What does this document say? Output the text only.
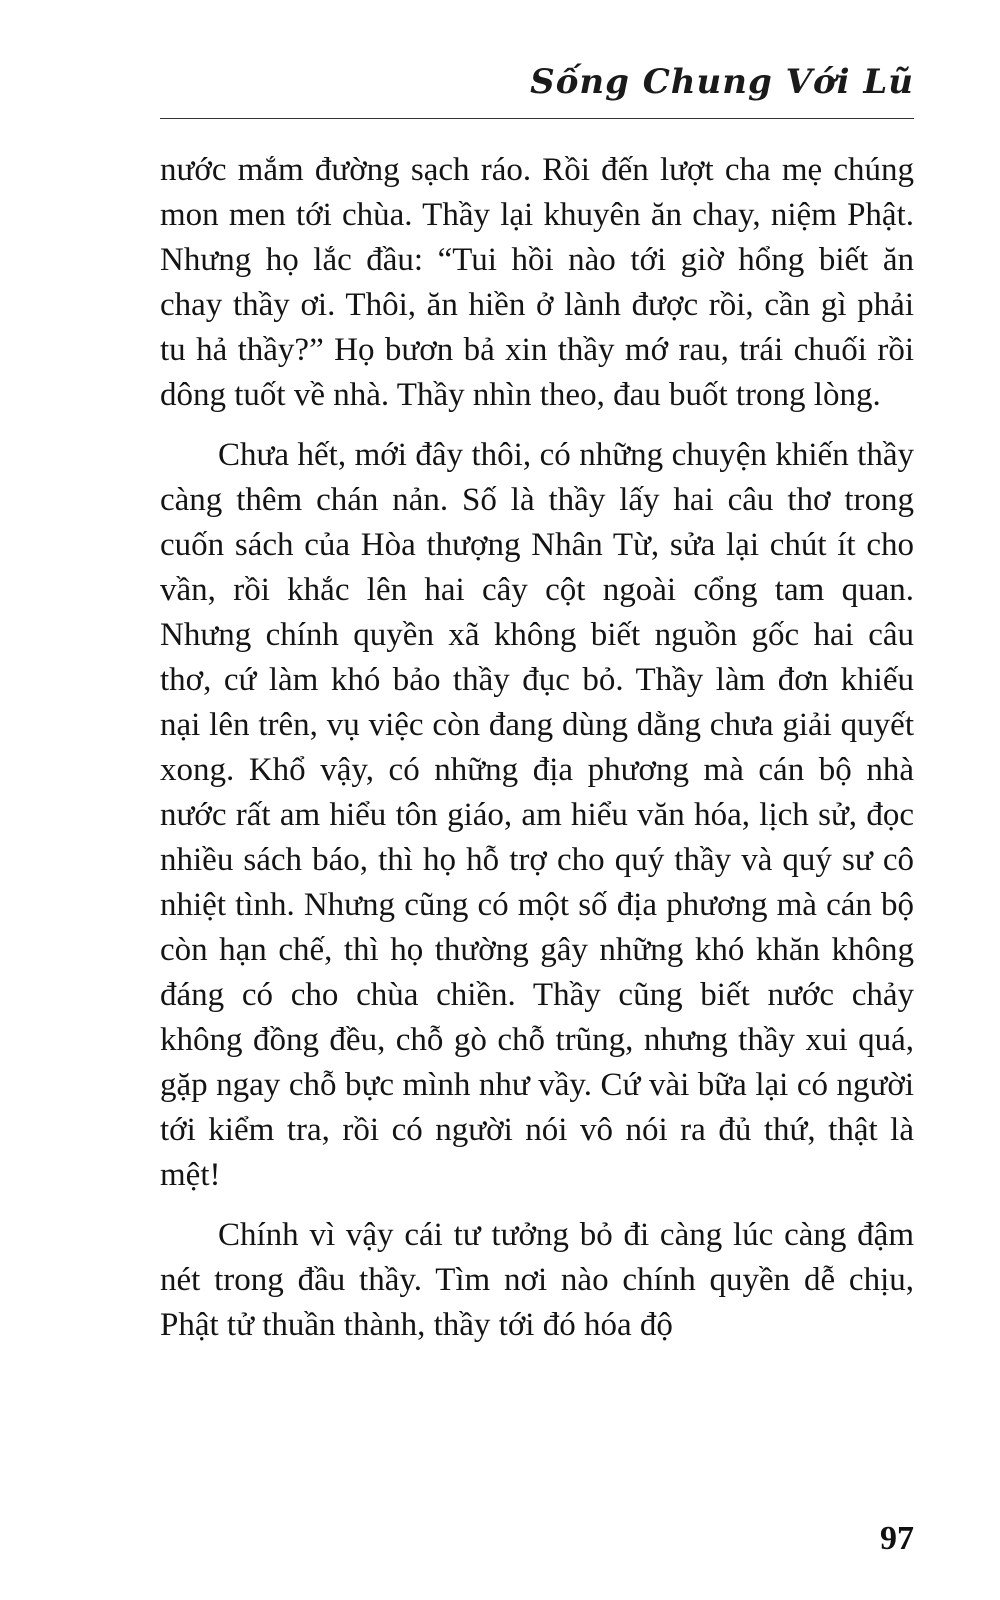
Sống Chung Với Lũ

nước mắm đường sạch ráo. Rồi đến lượt cha mẹ chúng mon men tới chùa. Thầy lại khuyên ăn chay, niệm Phật. Nhưng họ lắc đầu: “Tui hồi nào tới giờ hổng biết ăn chay thầy ơi. Thôi, ăn hiền ở lành được rồi, cần gì phải tu hả thầy?” Họ bươn bả xin thầy mớ rau, trái chuối rồi dông tuốt về nhà. Thầy nhìn theo, đau buốt trong lòng.

Chưa hết, mới đây thôi, có những chuyện khiến thầy càng thêm chán nản. Số là thầy lấy hai câu thơ trong cuốn sách của Hòa thượng Nhân Từ, sửa lại chút ít cho vần, rồi khắc lên hai cây cột ngoài cổng tam quan. Nhưng chính quyền xã không biết nguồn gốc hai câu thơ, cứ làm khó bảo thầy đục bỏ. Thầy làm đơn khiếu nại lên trên, vụ việc còn đang dùng dằng chưa giải quyết xong. Khổ vậy, có những địa phương mà cán bộ nhà nước rất am hiểu tôn giáo, am hiểu văn hóa, lịch sử, đọc nhiều sách báo, thì họ hỗ trợ cho quý thầy và quý sư cô nhiệt tình. Nhưng cũng có một số địa phương mà cán bộ còn hạn chế, thì họ thường gây những khó khăn không đáng có cho chùa chiền. Thầy cũng biết nước chảy không đồng đều, chỗ gò chỗ trũng, nhưng thầy xui quá, gặp ngay chỗ bực mình như vầy. Cứ vài bữa lại có người tới kiểm tra, rồi có người nói vô nói ra đủ thứ, thật là mệt!

Chính vì vậy cái tư tưởng bỏ đi càng lúc càng đậm nét trong đầu thầy. Tìm nơi nào chính quyền dễ chịu, Phật tử thuần thành, thầy tới đó hóa độ

97
